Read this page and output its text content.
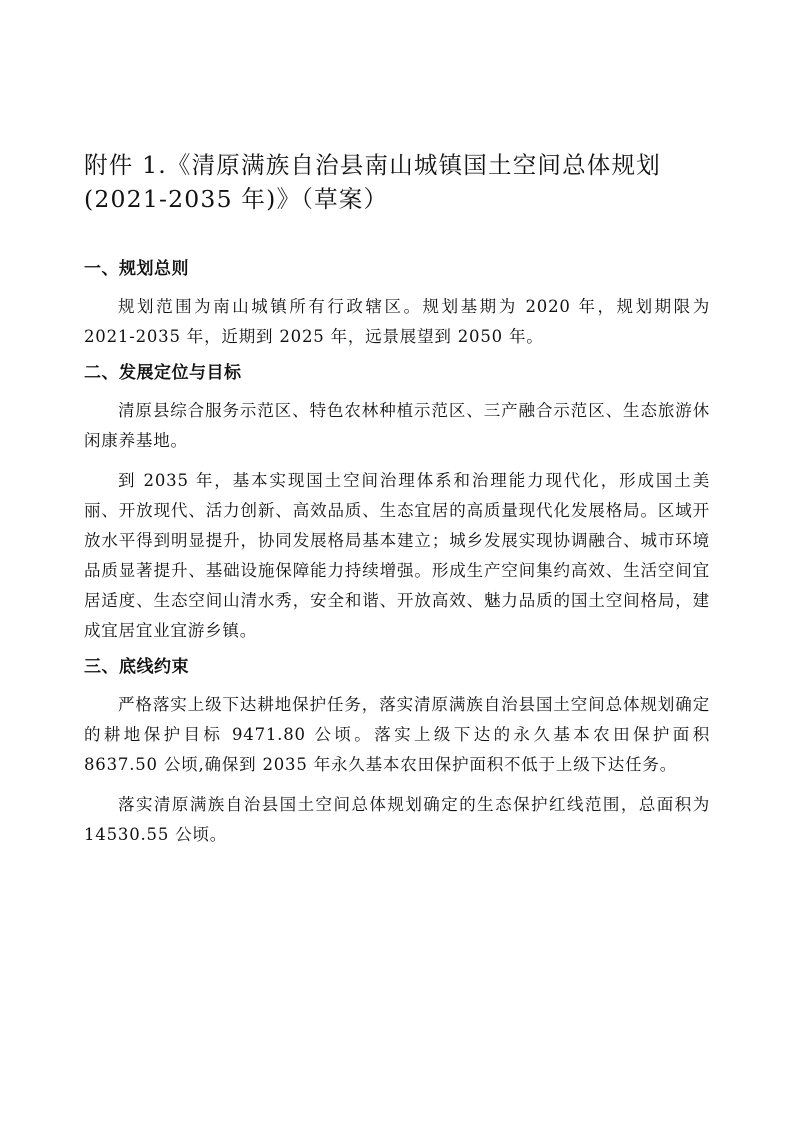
附件 1.《清原满族自治县南山城镇国土空间总体规划
(2021-2035 年)》（草案）
一、规划总则

规划范围为南山城镇所有行政辖区。规划基期为 2020 年，规划期限为 2021-2035 年，近期到 2025 年，远景展望到 2050 年。

二、发展定位与目标

清原县综合服务示范区、特色农林种植示范区、三产融合示范区、生态旅游休闲康养基地。

到 2035 年，基本实现国土空间治理体系和治理能力现代化，形成国土美丽、开放现代、活力创新、高效品质、生态宜居的高质量现代化发展格局。区域开放水平得到明显提升，协同发展格局基本建立；城乡发展实现协调融合、城市环境品质显著提升、基础设施保障能力持续增强。形成生产空间集约高效、生活空间宜居适度、生态空间山清水秀，安全和谐、开放高效、魅力品质的国土空间格局，建成宜居宜业宜游乡镇。

三、底线约束

严格落实上级下达耕地保护任务，落实清原满族自治县国土空间总体规划确定的耕地保护目标 9471.80 公顷。落实上级下达的永久基本农田保护面积 8637.50 公顷,确保到 2035 年永久基本农田保护面积不低于上级下达任务。

落实清原满族自治县国土空间总体规划确定的生态保护红线范围，总面积为 14530.55 公顷。
